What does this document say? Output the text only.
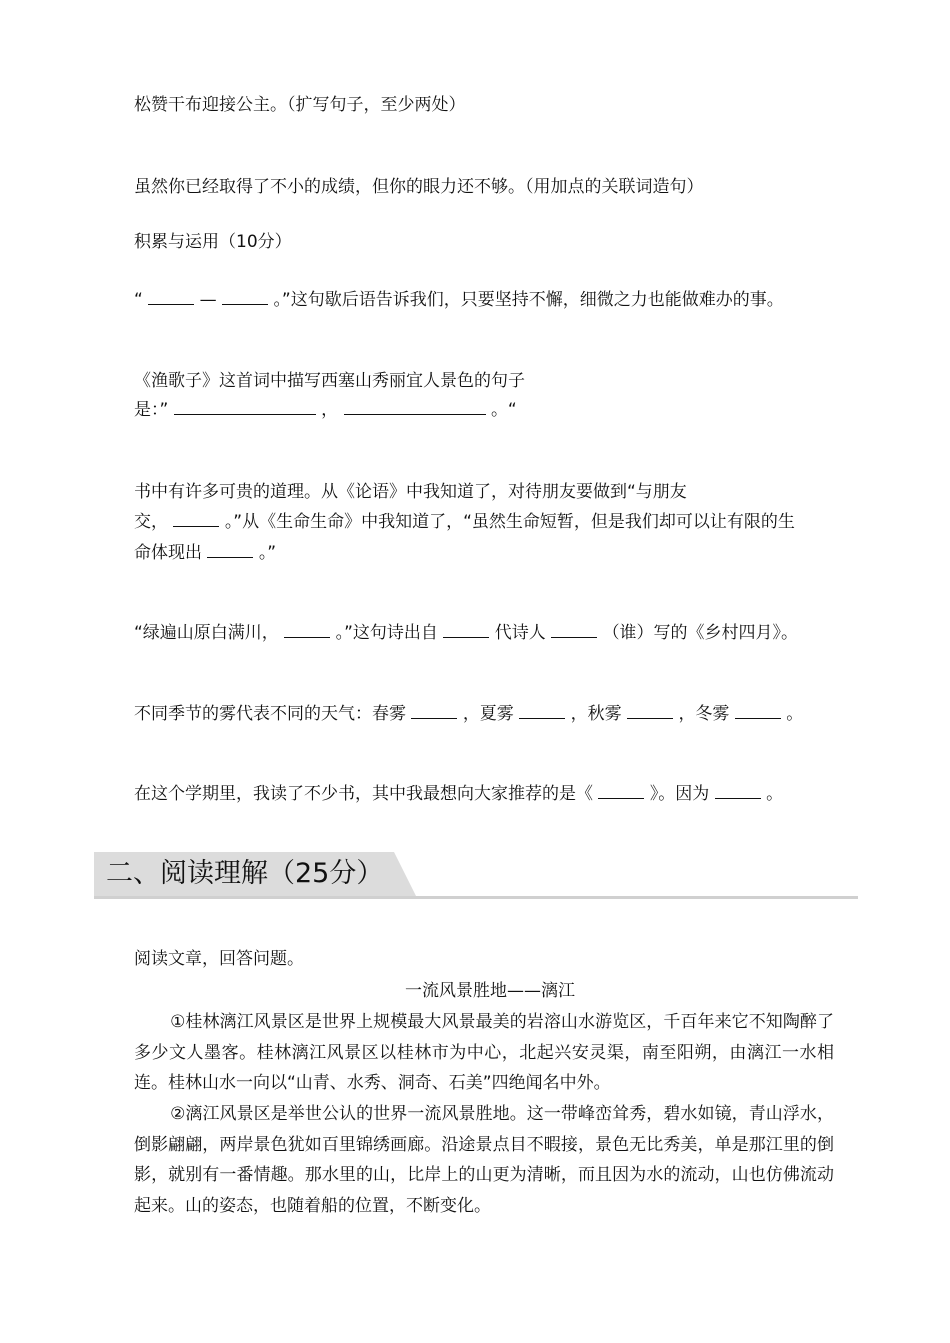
松赞干布迎接公主。（扩写句子，至少两处）
虽然你已经取得了不小的成绩，但你的眼力还不够。（用加点的关联词造句）
积累与运用（10分）
“	—	。”这句歇后语告诉我们，只要坚持不懈，细微之力也能做难办的事。
《渔歌子》这首词中描写西塞山秀丽宜人景色的句子
是：”	，	。“
书中有许多可贵的道理。从《论语》中我知道了，对待朋友要做到“与朋友
交，	。”从《生命生命》中我知道了，“虽然生命短暂，但是我们却可以让有限的生
命体现出	。”
“绿遍山原白满川，	。”这句诗出自	代诗人	（谁）写的《乡村四月》。
不同季节的雾代表不同的天气：春雾	，夏雾	，秋雾	，冬雾	。
在这个学期里，我读了不少书，其中我最想向大家推荐的是《	》。因为	。
二、阅读理解（25分）
阅读文章，回答问题。
一流风景胜地——漓江
①桂林漓江风景区是世界上规模最大风景最美的岩溶山水游览区，千百年来它不知陶醉了多少文人墨客。桂林漓江风景区以桂林市为中心，北起兴安灵渠，南至阳朔，由漓江一水相连。桂林山水一向以“山青、水秀、洞奇、石美”四绝闻名中外。
②漓江风景区是举世公认的世界一流风景胜地。这一带峰峦耸秀，碧水如镜，青山浮水，倒影翩翩，两岸景色犹如百里锦绣画廊。沿途景点目不暇接，景色无比秀美，单是那江里的倒影，就别有一番情趣。那水里的山，比岸上的山更为清晰，而且因为水的流动，山也仿佛流动起来。山的姿态，也随着船的位置，不断变化。
